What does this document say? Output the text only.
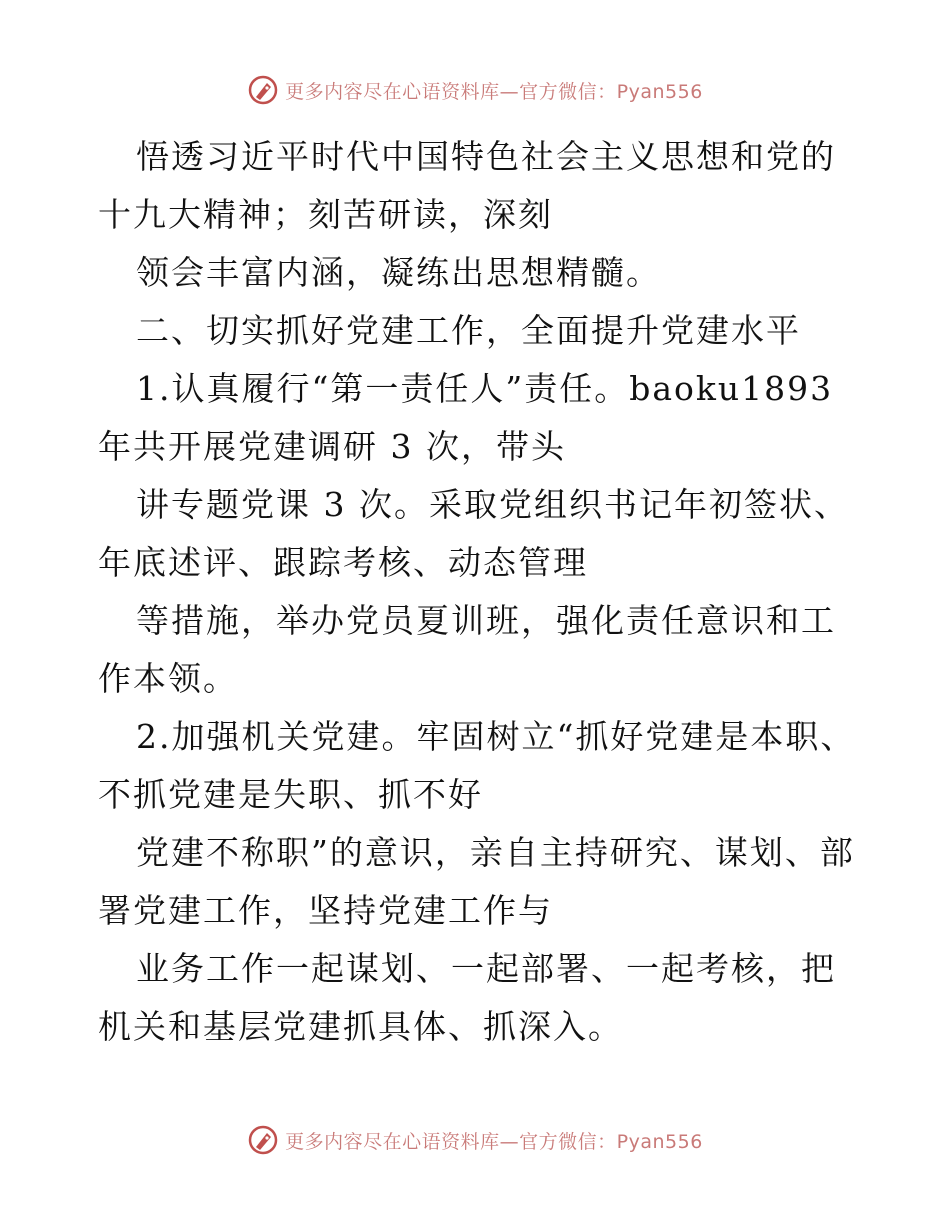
更多内容尽在心语资料库—官方微信：Pyan556

悟透习近平时代中国特色社会主义思想和党的十九大精神；刻苦研读，深刻

领会丰富内涵，凝练出思想精髓。

二、切实抓好党建工作，全面提升党建水平

1.认真履行“第一责任人”责任。baoku1893 年共开展党建调研 3 次，带头

讲专题党课 3 次。采取党组织书记年初签状、年底述评、跟踪考核、动态管理

等措施，举办党员夏训班，强化责任意识和工作本领。

2.加强机关党建。牢固树立“抓好党建是本职、不抓党建是失职、抓不好

党建不称职”的意识，亲自主持研究、谋划、部署党建工作，坚持党建工作与

业务工作一起谋划、一起部署、一起考核，把机关和基层党建抓具体、抓深入。

更多内容尽在心语资料库—官方微信：Pyan556
